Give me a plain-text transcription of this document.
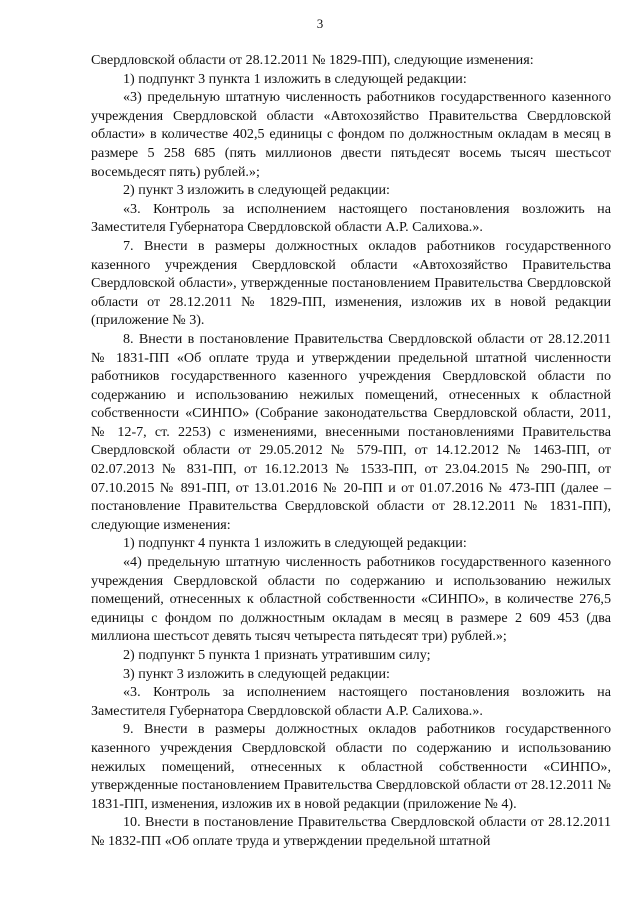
3

Свердловской области от 28.12.2011 № 1829-ПП), следующие изменения:

1) подпункт 3 пункта 1 изложить в следующей редакции:

«3) предельную штатную численность работников государственного казенного учреждения Свердловской области «Автохозяйство Правительства Свердловской области» в количестве 402,5 единицы с фондом по должностным окладам в месяц в размере 5 258 685 (пять миллионов двести пятьдесят восемь тысяч шестьсот восемьдесят пять) рублей.»;

2) пункт 3 изложить в следующей редакции:

«3. Контроль за исполнением настоящего постановления возложить на Заместителя Губернатора Свердловской области А.Р. Салихова.».

7. Внести в размеры должностных окладов работников государственного казенного учреждения Свердловской области «Автохозяйство Правительства Свердловской области», утвержденные постановлением Правительства Свердловской области от 28.12.2011 № 1829-ПП, изменения, изложив их в новой редакции (приложение № 3).

8. Внести в постановление Правительства Свердловской области от 28.12.2011 № 1831-ПП «Об оплате труда и утверждении предельной штатной численности работников государственного казенного учреждения Свердловской области по содержанию и использованию нежилых помещений, отнесенных к областной собственности «СИНПО» (Собрание законодательства Свердловской области, 2011, № 12-7, ст. 2253) с изменениями, внесенными постановлениями Правительства Свердловской области от 29.05.2012 № 579-ПП, от 14.12.2012 № 1463-ПП, от 02.07.2013 № 831-ПП, от 16.12.2013 № 1533-ПП, от 23.04.2015 № 290-ПП, от 07.10.2015 № 891-ПП, от 13.01.2016 № 20-ПП и от 01.07.2016 № 473-ПП (далее – постановление Правительства Свердловской области от 28.12.2011 № 1831-ПП), следующие изменения:

1) подпункт 4 пункта 1 изложить в следующей редакции:

«4) предельную штатную численность работников государственного казенного учреждения Свердловской области по содержанию и использованию нежилых помещений, отнесенных к областной собственности «СИНПО», в количестве 276,5 единицы с фондом по должностным окладам в месяц в размере 2 609 453 (два миллиона шестьсот девять тысяч четыреста пятьдесят три) рублей.»;

2) подпункт 5 пункта 1 признать утратившим силу;

3) пункт 3 изложить в следующей редакции:

«3. Контроль за исполнением настоящего постановления возложить на Заместителя Губернатора Свердловской области А.Р. Салихова.».

9. Внести в размеры должностных окладов работников государственного казенного учреждения Свердловской области по содержанию и использованию нежилых помещений, отнесенных к областной собственности «СИНПО», утвержденные постановлением Правительства Свердловской области от 28.12.2011 № 1831-ПП, изменения, изложив их в новой редакции (приложение № 4).

10. Внести в постановление Правительства Свердловской области от 28.12.2011 № 1832-ПП «Об оплате труда и утверждении предельной штатной
